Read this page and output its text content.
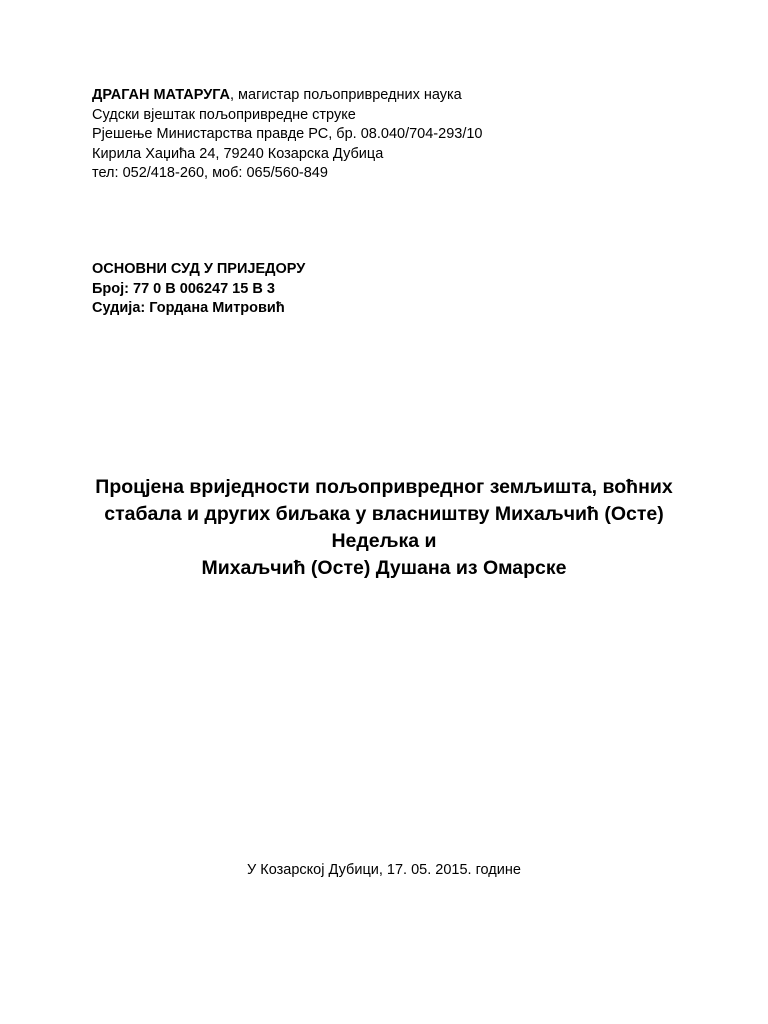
ДРАГАН МАТАРУГА, магистар пољопривредних наука
Судски вјештак пољопривредне струке
Рјешење Министарства правде РС, бр. 08.040/704-293/10
Кирила Хаџића 24, 79240 Козарска Дубица
тел: 052/418-260, моб: 065/560-849
ОСНОВНИ СУД У ПРИЈЕДОРУ
Број: 77 0 В 006247 15 В 3
Судија: Гордана Митровић
Процјена вриједности пољопривредног земљишта, воћних
стабала и других биљака у власништву Михаљчић (Осте)
Недељка и
Михаљчић (Осте) Душана из Омарске
У Козарској Дубици, 17. 05. 2015. године
